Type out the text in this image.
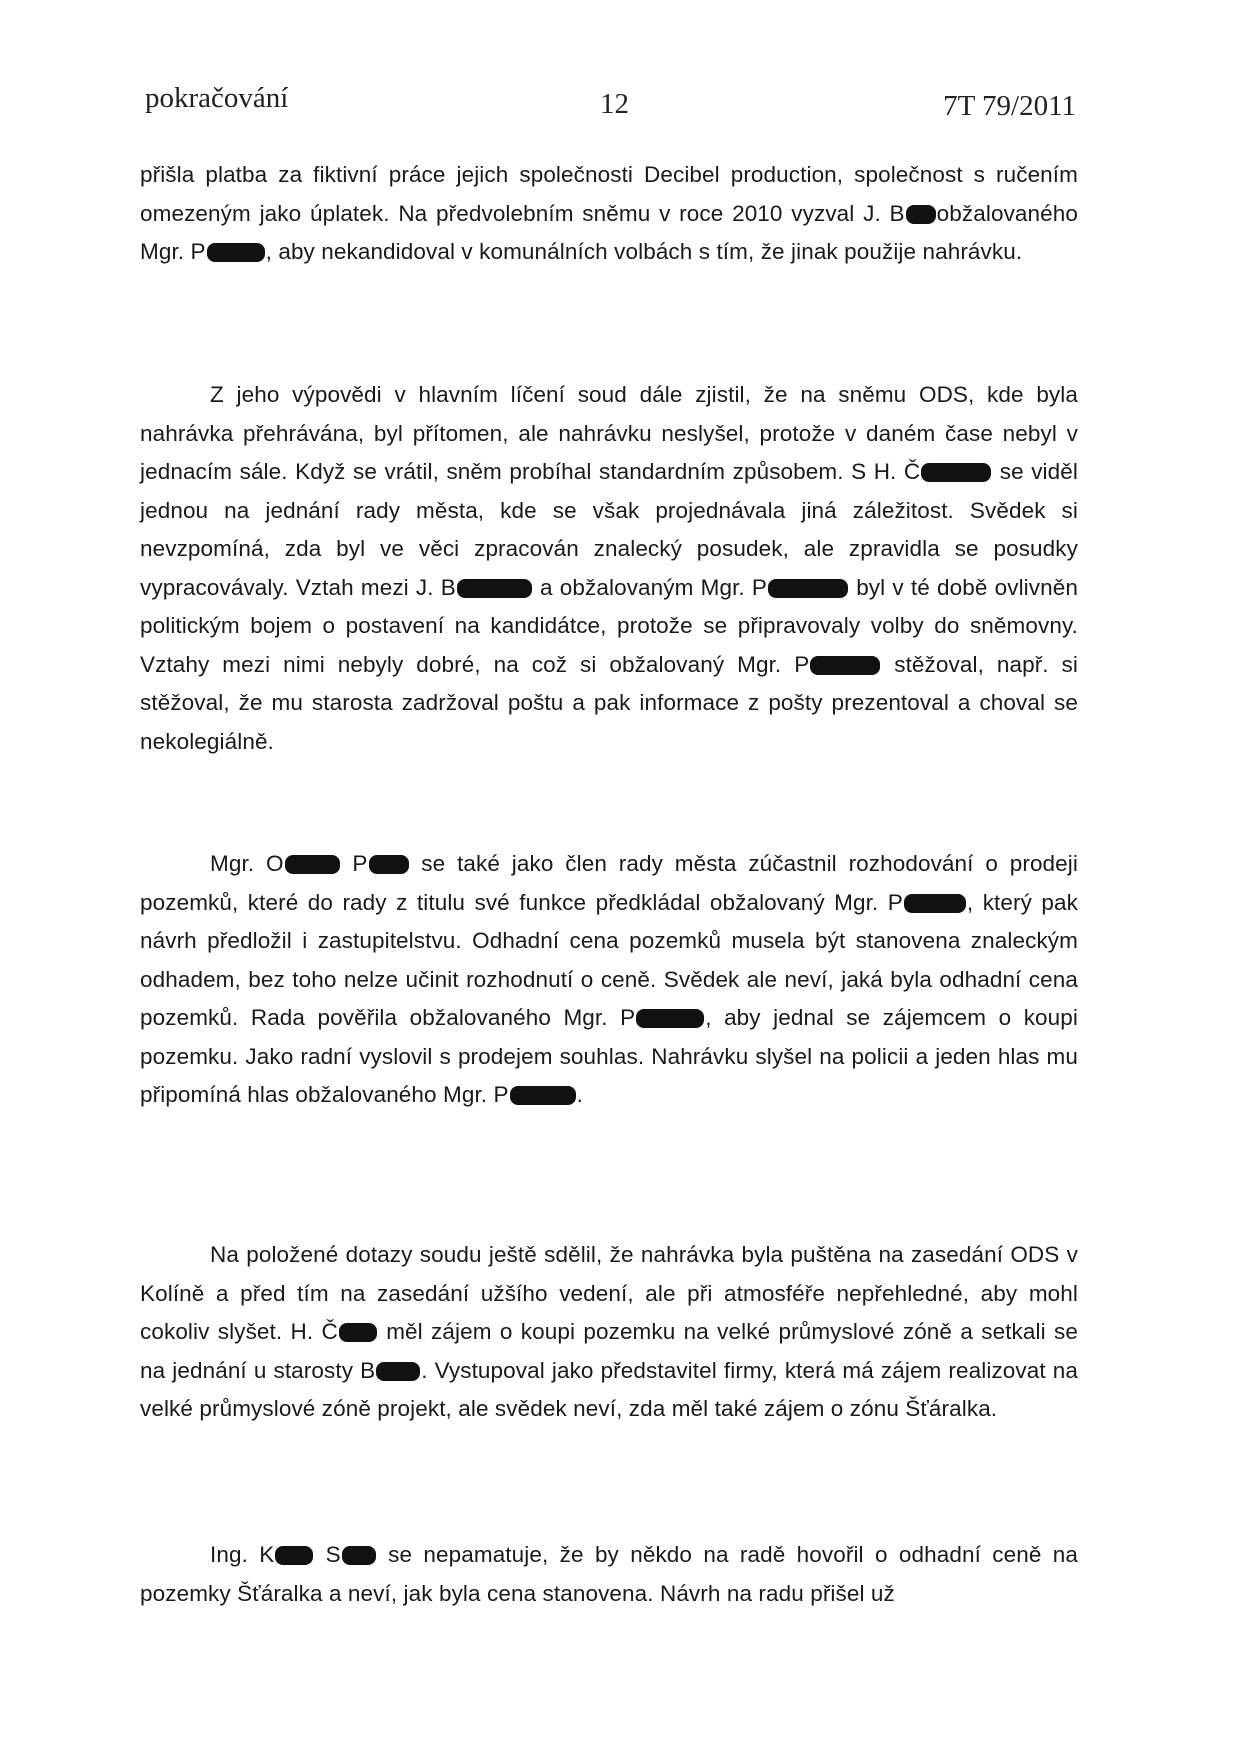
pokračování	12	7T 79/2011

přišla platba za fiktivní práce jejich společnosti Decibel production, společnost s ručením omezeným jako úplatek. Na předvolebním sněmu v roce 2010 vyzval J. B obžalovaného Mgr. P	, aby nekandidoval v komunálních volbách s tím, že jinak použije nahrávku.

Z jeho výpovědi v hlavním líčení soud dále zjistil, že na sněmu ODS, kde byla nahrávka přehrávána, byl přítomen, ale nahrávku neslyšel, protože v daném čase nebyl v jednacím sále. Když se vrátil, sněm probíhal standardním způsobem. S H. Č	se viděl jednou na jednání rady města, kde se však projednávala jiná záležitost. Svědek si nevzpomíná, zda byl ve věci zpracován znalecký posudek, ale zpravidla se posudky vypracovávaly. Vztah mezi J. B	a obžalovaným Mgr. P	byl v té době ovlivněn politickým bojem o postavení na kandidátce, protože se připravovaly volby do sněmovny. Vztahy mezi nimi nebyly dobré, na což si obžalovaný Mgr. P	stěžoval, např. si stěžoval, že mu starosta zadržoval poštu a pak informace z pošty prezentoval a choval se nekolegiálně.

Mgr. O	P se také jako člen rady města zúčastnil rozhodování o prodeji pozemků, které do rady z titulu své funkce předkládal obžalovaný Mgr. P	, který pak návrh předložil i zastupitelstvu. Odhadní cena pozemků musela být stanovena znaleckým odhadem, bez toho nelze učinit rozhodnutí o ceně. Svědek ale neví, jaká byla odhadní cena pozemků. Rada pověřila obžalovaného Mgr. P	, aby jednal se zájemcem o koupi pozemku. Jako radní vyslovil s prodejem souhlas. Nahrávku slyšel na policii a jeden hlas mu připomíná hlas obžalovaného Mgr. P	.

Na položené dotazy soudu ještě sdělil, že nahrávka byla puštěna na zasedání ODS v Kolíně a před tím na zasedání užšího vedení, ale při atmosféře nepřehledné, aby mohl cokoliv slyšet. H. Č měl zájem o koupi pozemku na velké průmyslové zóně a setkali se na jednání u starosty B . Vystupoval jako představitel firmy, která má zájem realizovat na velké průmyslové zóně projekt, ale svědek neví, zda měl také zájem o zónu Šťáralka.

Ing. K S se nepamatuje, že by někdo na radě hovořil o odhadní ceně na pozemky Šťáralka a neví, jak byla cena stanovena. Návrh na radu přišel už
